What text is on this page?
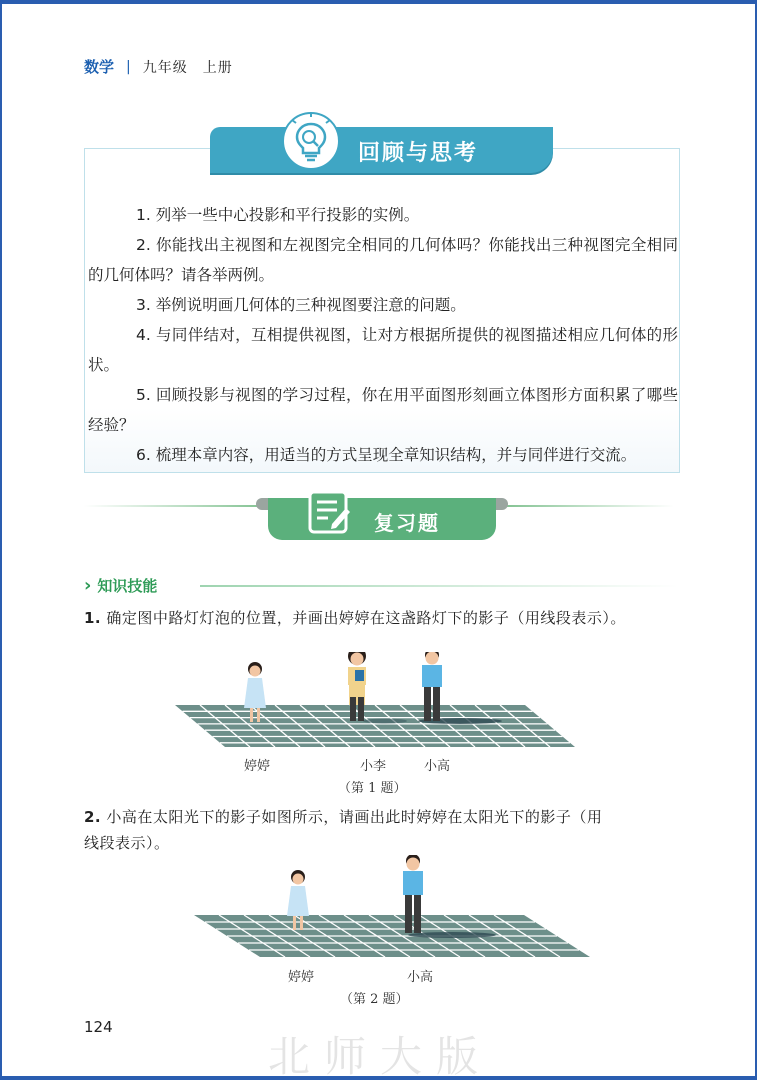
数学 | 九年级　上册
回顾与思考

1. 列举一些中心投影和平行投影的实例。

2. 你能找出主视图和左视图完全相同的几何体吗？你能找出三种视图完全相同的几何体吗？请各举两例。

3. 举例说明画几何体的三种视图要注意的问题。

4. 与同伴结对，互相提供视图，让对方根据所提供的视图描述相应几何体的形状。

5. 回顾投影与视图的学习过程，你在用平面图形刻画立体图形方面积累了哪些经验？

6. 梳理本章内容，用适当的方式呈现全章知识结构，并与同伴进行交流。

复习题
› 知识技能
1. 确定图中路灯灯泡的位置，并画出婷婷在这盏路灯下的影子（用线段表示）。
婷婷	小李	小高
（第 1 题）
2. 小高在太阳光下的影子如图所示，请画出此时婷婷在太阳光下的影子（用
线段表示）。
婷婷	小高
（第 2 题）
124
北师大版
